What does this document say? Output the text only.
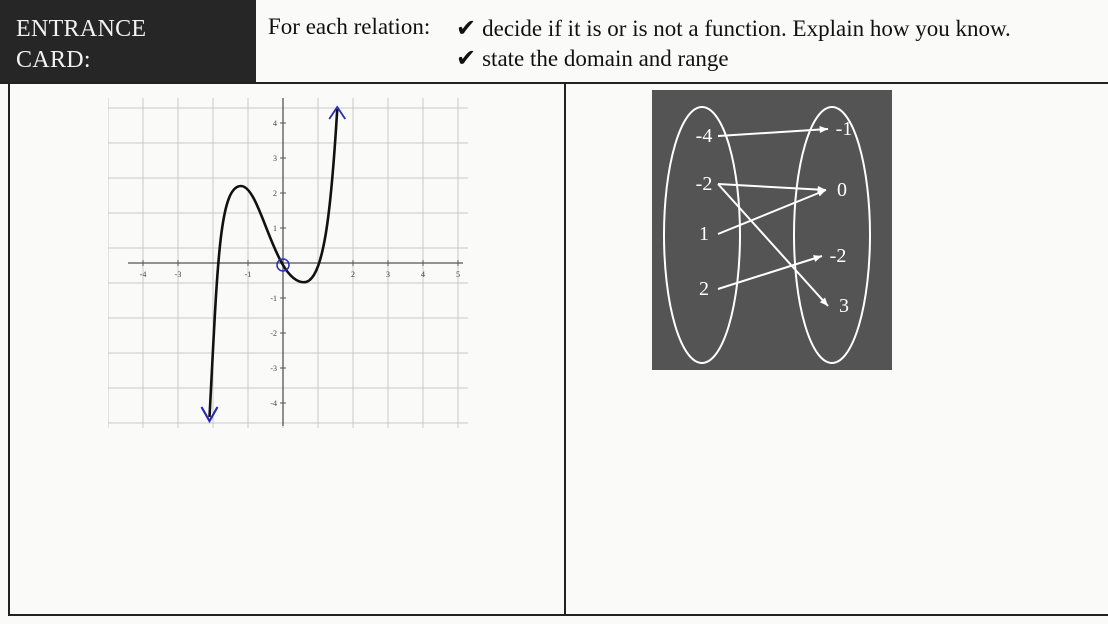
ENTRANCE
CARD:
For each relation: ✔ decide if it is or is not a function. Explain how you know.
✔ state the domain and range
-4	-3	-1	2	3	4	5
4
3
2
1
-1
-2
-3
-4
-4
-2
1
2
-1
0
-2
3
